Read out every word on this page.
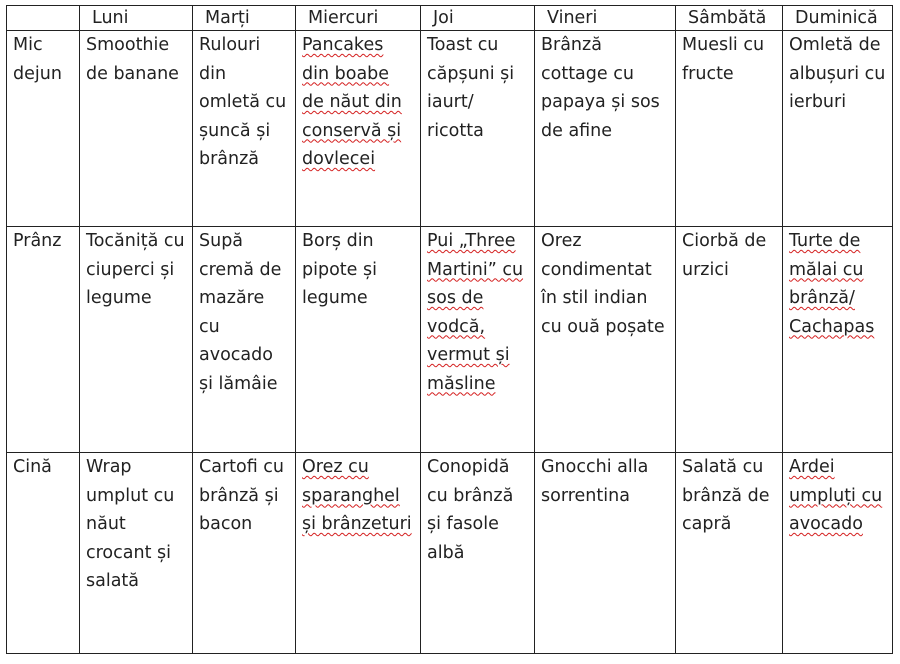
	Luni	Marți	Miercuri	Joi	Vineri	Sâmbătă	Duminică
Mic dejun	Smoothie de banane	Rulouri din omletă cu șuncă și brânză	Pancakes din boabe de năut din conservă și dovlecei	Toast cu căpșuni și iaurt/ ricotta	Brânză cottage cu papaya și sos de afine	Muesli cu fructe	Omletă de albușuri cu ierburi
Prânz	Tocăniță cu ciuperci și legume	Supă cremă de mazăre cu avocado și lămâie	Borș din pipote și legume	Pui „Three Martini” cu sos de vodcă, vermut și măsline	Orez condimentat în stil indian cu ouă poșate	Ciorbă de urzici	Turte de mălai cu brânză/ Cachapas
Cină	Wrap umplut cu năut crocant și salată	Cartofi cu brânză și bacon	Orez cu sparanghel și brânzeturi	Conopidă cu brânză și fasole albă	Gnocchi alla sorrentina	Salată cu brânză de capră	Ardei umpluți cu avocado
